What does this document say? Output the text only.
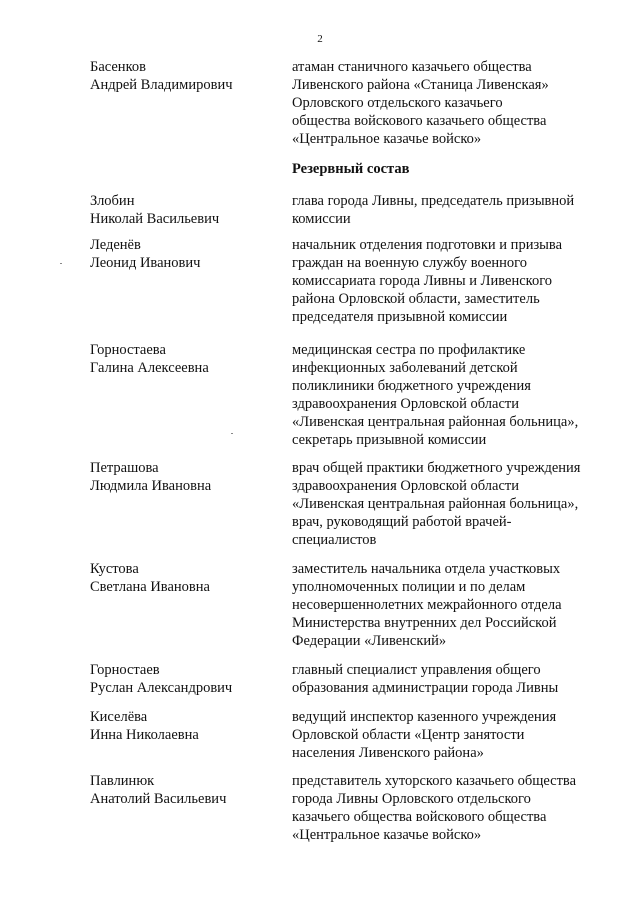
2
Резервный состав
Басенков
Андрей Владимирович
атаман станичного казачьего общества
Ливенского района «Станица Ливенская»
Орловского отдельского казачьего
общества войскового казачьего общества
«Центральное казачье войско»
Злобин
Николай Васильевич
глава города Ливны, председатель призывной
комиссии
Леденёв
Леонид Иванович
начальник отделения подготовки и призыва
граждан на военную службу военного
комиссариата города Ливны и Ливенского
района Орловской области, заместитель
председателя призывной комиссии
Горностаева
Галина Алексеевна
медицинская сестра по профилактике
инфекционных заболеваний детской
поликлиники бюджетного учреждения
здравоохранения Орловской области
«Ливенская центральная районная больница»,
секретарь призывной комиссии
Петрашова
Людмила Ивановна
врач общей практики бюджетного учреждения
здравоохранения Орловской области
«Ливенская центральная районная больница»,
врач, руководящий работой врачей-
специалистов
Кустова
Светлана Ивановна
заместитель начальника отдела участковых
уполномоченных полиции и по делам
несовершеннолетних межрайонного отдела
Министерства внутренних дел Российской
Федерации «Ливенский»
Горностаев
Руслан Александрович
главный специалист управления общего
образования администрации города Ливны
Киселёва
Инна Николаевна
ведущий инспектор казенного учреждения
Орловской области «Центр занятости
населения Ливенского района»
Павлинюк
Анатолий Васильевич
представитель хуторского казачьего общества
города Ливны Орловского отдельского
казачьего общества войскового общества
«Центральное казачье войско»
